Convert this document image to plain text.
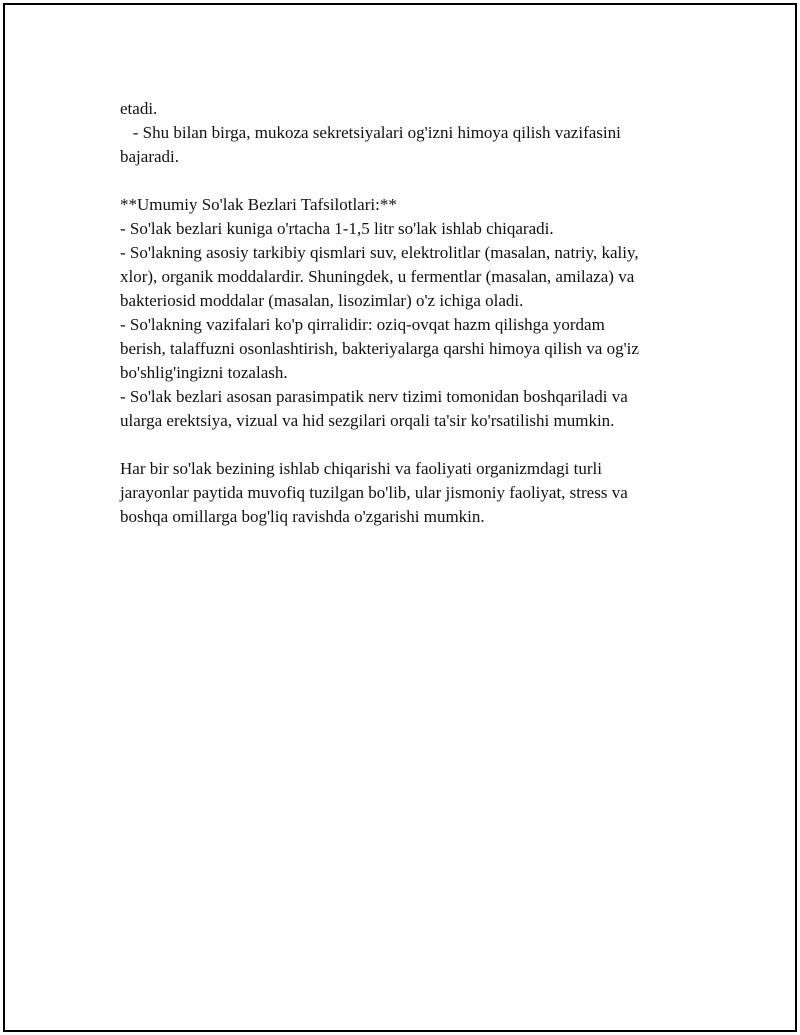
etadi.
- Shu bilan birga, mukoza sekretsiyalari og'izni himoya qilish vazifasini
bajaradi.
**Umumiy So'lak Bezlari Tafsilotlari:**
- So'lak bezlari kuniga o'rtacha 1-1,5 litr so'lak ishlab chiqaradi.
- So'lakning asosiy tarkibiy qismlari suv, elektrolitlar (masalan, natriy, kaliy,
xlor), organik moddalardir. Shuningdek, u fermentlar (masalan, amilaza) va
bakteriosid moddalar (masalan, lisozimlar) o'z ichiga oladi.
- So'lakning vazifalari ko'p qirralidir: oziq-ovqat hazm qilishga yordam
berish, talaffuzni osonlashtirish, bakteriyalarga qarshi himoya qilish va og'iz
bo'shlig'ingizni tozalash.
- So'lak bezlari asosan parasimpatik nerv tizimi tomonidan boshqariladi va
ularga erektsiya, vizual va hid sezgilari orqali ta'sir ko'rsatilishi mumkin.
Har bir so'lak bezining ishlab chiqarishi va faoliyati organizmdagi turli
jarayonlar paytida muvofiq tuzilgan bo'lib, ular jismoniy faoliyat, stress va
boshqa omillarga bog'liq ravishda o'zgarishi mumkin.
